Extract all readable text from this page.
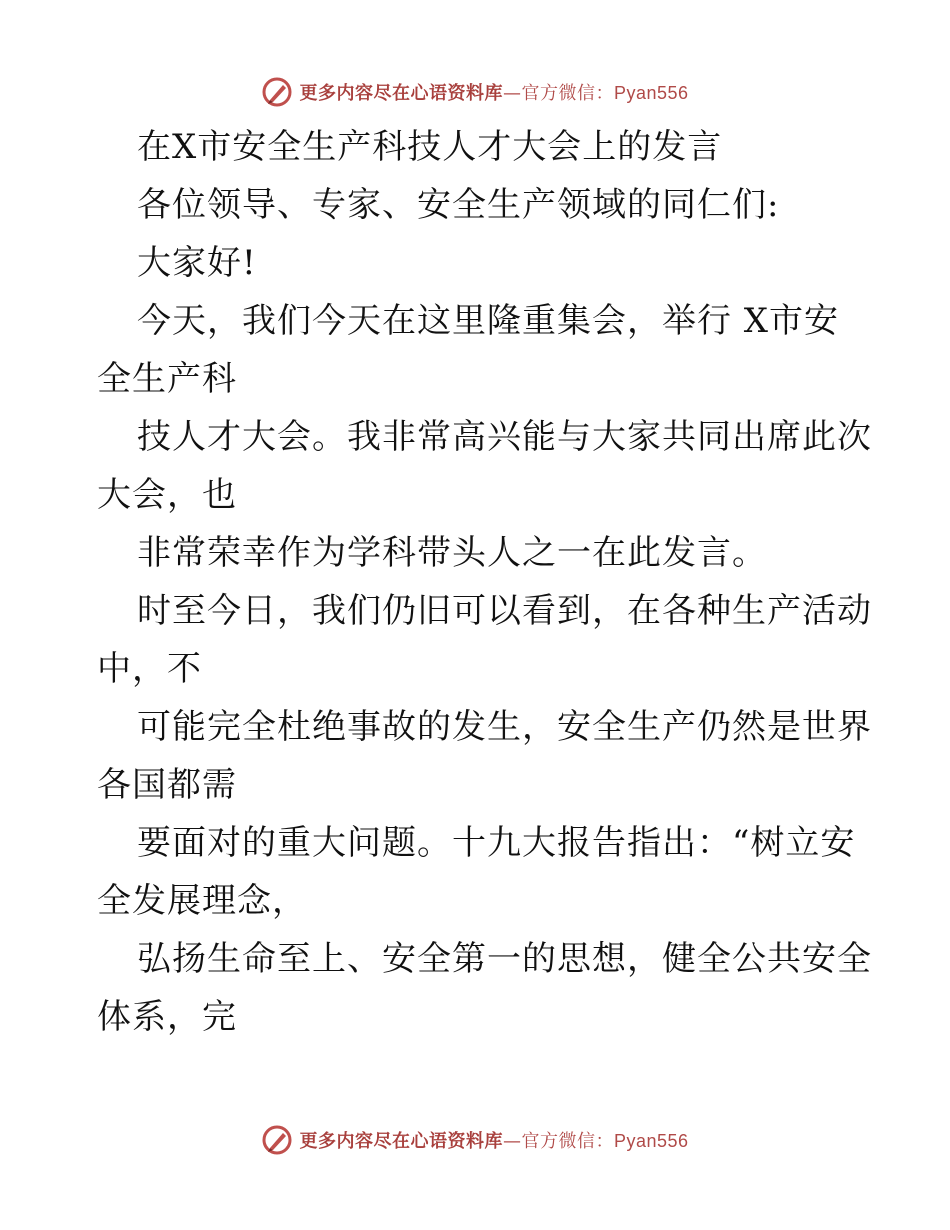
更多内容尽在心语资料库—官方微信：Pyan556
在X市安全生产科技人才大会上的发言
各位领导、专家、安全生产领域的同仁们:
大家好!
今天，我们今天在这里隆重集会，举行 X市安
全生产科
技人才大会。我非常高兴能与大家共同出席此次
大会，也
非常荣幸作为学科带头人之一在此发言。
时至今日，我们仍旧可以看到，在各种生产活动
中，不
可能完全杜绝事故的发生，安全生产仍然是世界
各国都需
要面对的重大问题。十九大报告指出：“树立安
全发展理念，
弘扬生命至上、安全第一的思想，健全公共安全
体系，完
更多内容尽在心语资料库—官方微信：Pyan556
